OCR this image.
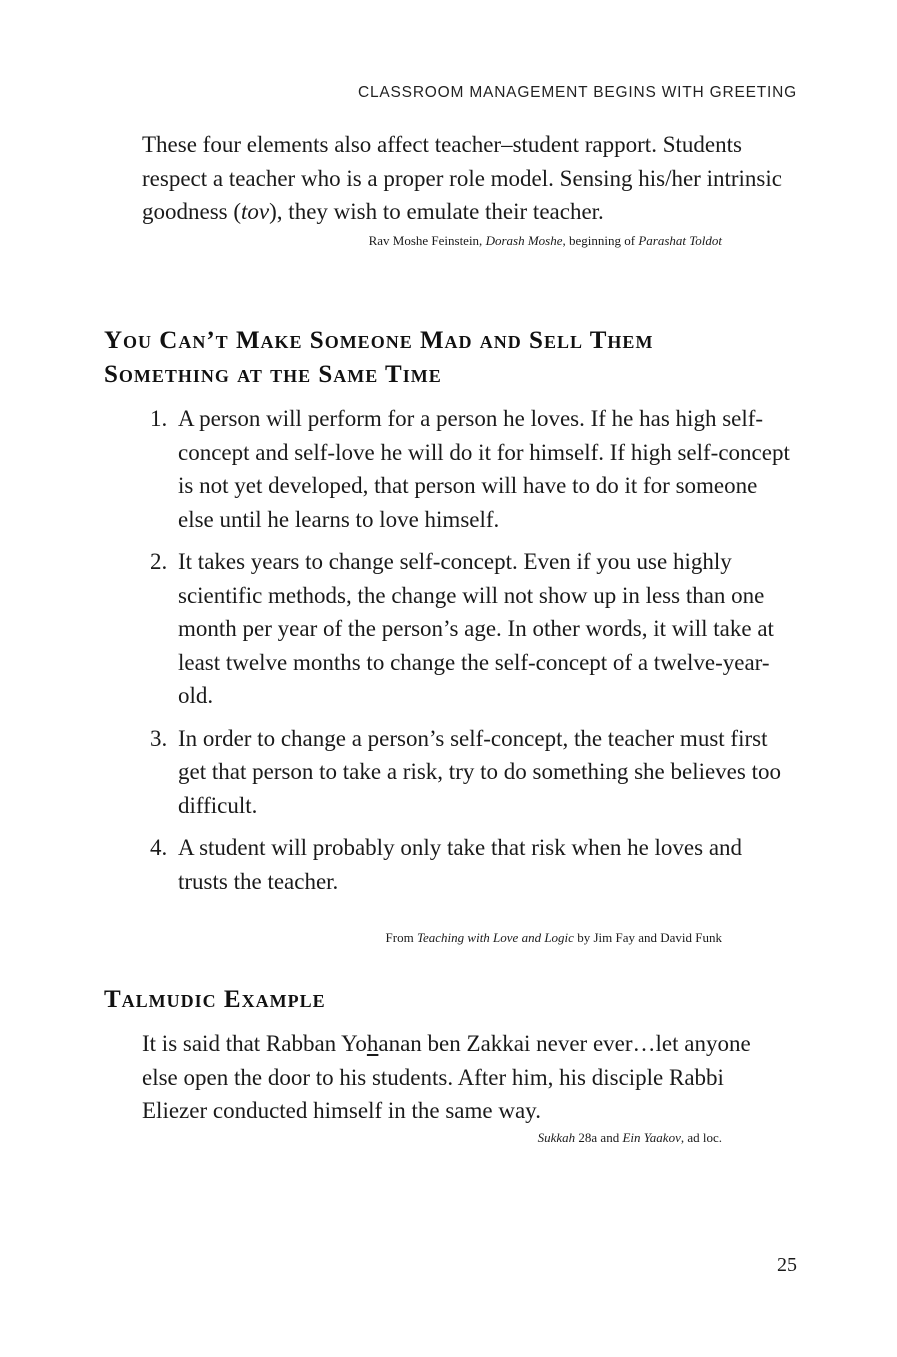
CLASSROOM MANAGEMENT BEGINS WITH GREETING

These four elements also affect teacher–student rapport. Students respect a teacher who is a proper role model. Sensing his/her intrinsic goodness (tov), they wish to emulate their teacher.

Rav Moshe Feinstein, Dorash Moshe, beginning of Parashat Toldot

You Can’t Make Someone Mad and Sell Them
Something at the Same Time
1. A person will perform for a person he loves. If he has high self-concept and self-love he will do it for himself. If high self-concept is not yet developed, that person will have to do it for someone else until he learns to love himself.
2. It takes years to change self-concept. Even if you use highly scientific methods, the change will not show up in less than one month per year of the person’s age. In other words, it will take at least twelve months to change the self-concept of a twelve-year-old.
3. In order to change a person’s self-concept, the teacher must first get that person to take a risk, try to do something she believes too difficult.
4. A student will probably only take that risk when he loves and trusts the teacher.

From Teaching with Love and Logic by Jim Fay and David Funk

Talmudic Example

It is said that Rabban Yohanan ben Zakkai never ever…let anyone else open the door to his students. After him, his disciple Rabbi Eliezer conducted himself in the same way.

Sukkah 28a and Ein Yaakov, ad loc.

25
